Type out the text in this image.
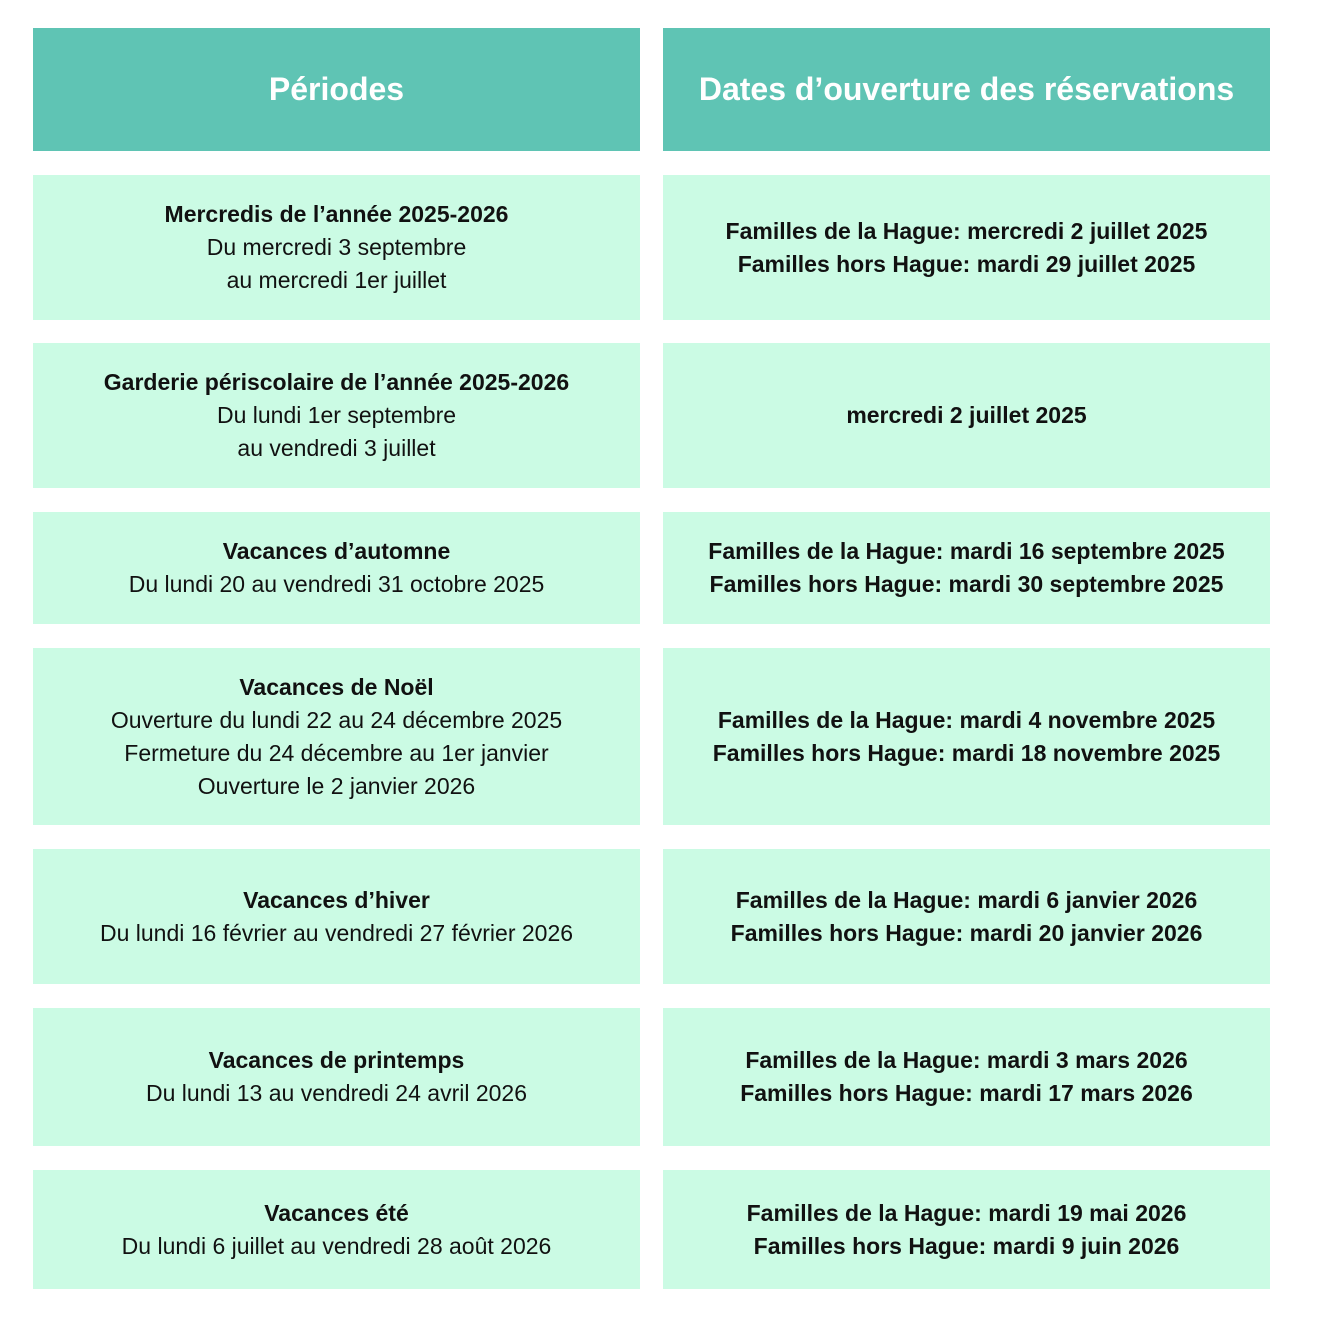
Périodes	Dates d’ouverture des réservations
Mercredis de l’année 2025-2026
Du mercredi 3 septembre
au mercredi 1er juillet
Familles de la Hague: mercredi 2 juillet 2025
Familles hors Hague: mardi 29 juillet 2025
Garderie périscolaire de l’année 2025-2026
Du lundi 1er septembre
au vendredi 3 juillet
mercredi 2 juillet 2025
Vacances d’automne
Du lundi 20 au vendredi 31 octobre 2025
Familles de la Hague: mardi 16 septembre 2025
Familles hors Hague: mardi 30 septembre 2025
Vacances de Noël
Ouverture du lundi 22 au 24 décembre 2025
Fermeture du 24 décembre au 1er janvier
Ouverture le 2 janvier 2026
Familles de la Hague: mardi 4 novembre 2025
Familles hors Hague: mardi 18 novembre 2025
Vacances d’hiver
Du lundi 16 février au vendredi 27 février 2026
Familles de la Hague: mardi 6 janvier 2026
Familles hors Hague: mardi 20 janvier 2026
Vacances de printemps
Du lundi 13 au vendredi 24 avril 2026
Familles de la Hague: mardi 3 mars 2026
Familles hors Hague: mardi 17 mars 2026
Vacances été
Du lundi 6 juillet au vendredi 28 août 2026
Familles de la Hague: mardi 19 mai 2026
Familles hors Hague: mardi 9 juin 2026
